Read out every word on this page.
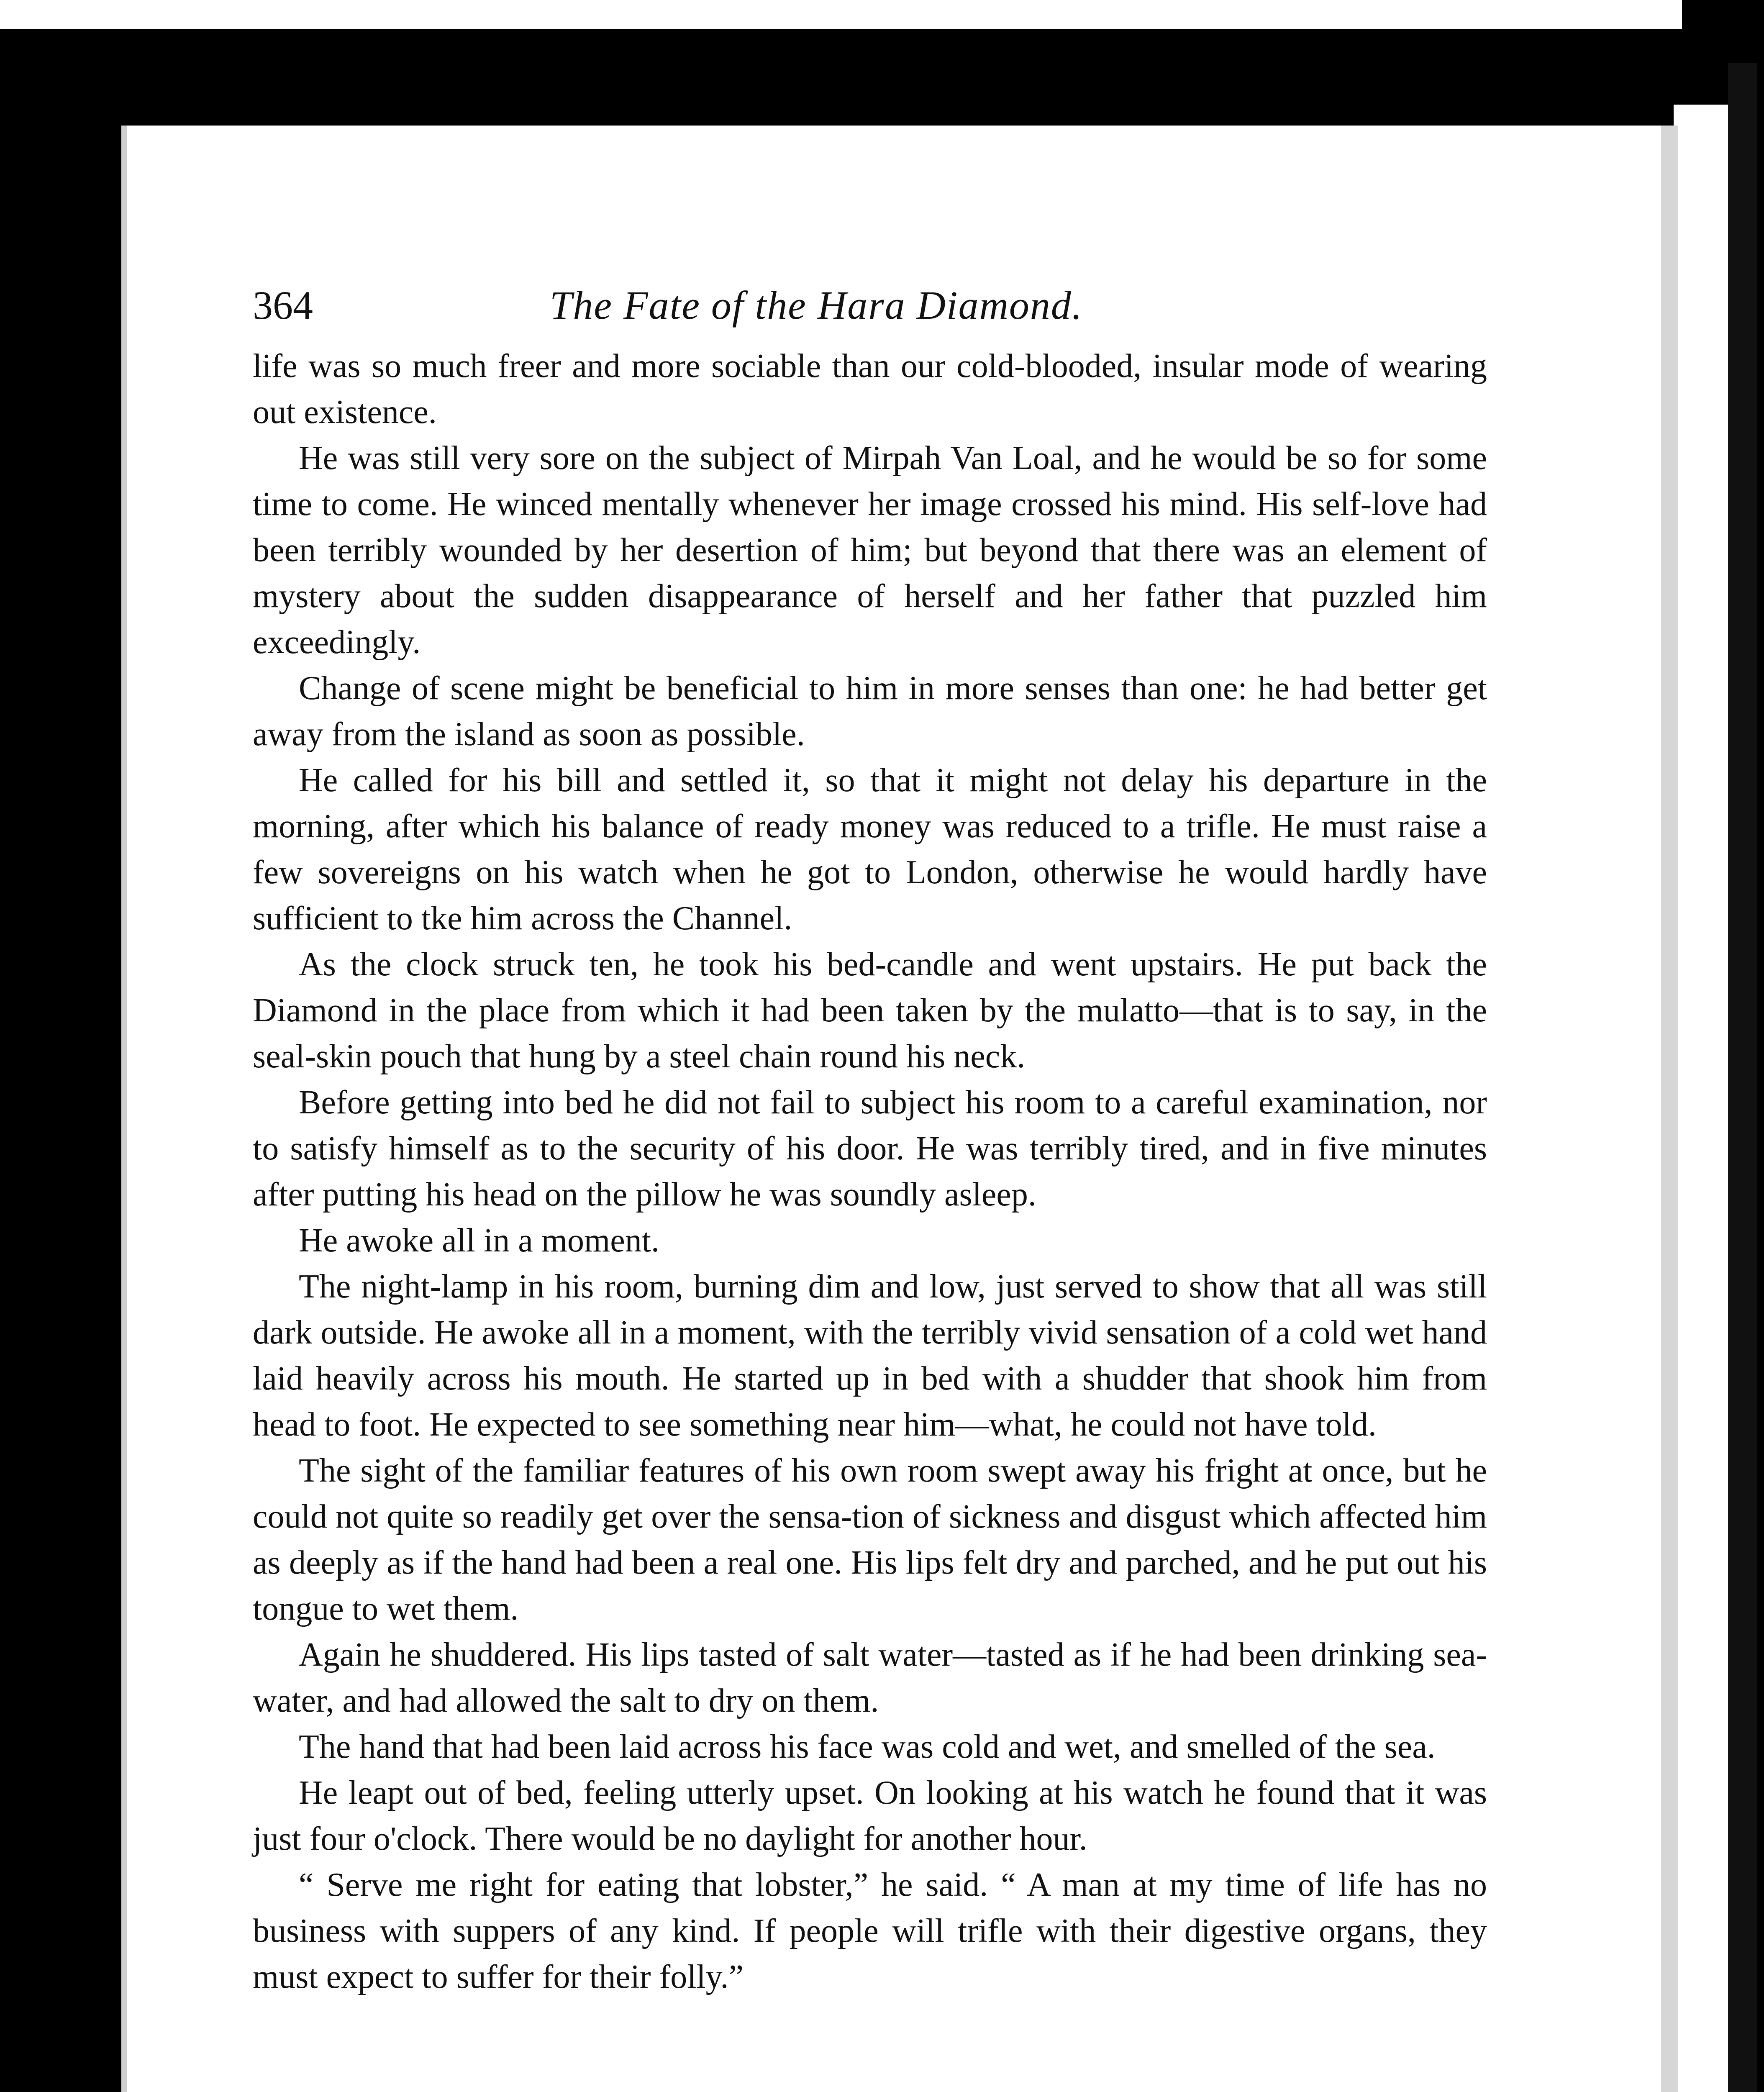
364	The Fate of the Hara Diamond.

life was so much freer and more sociable than our cold-blooded, insular mode of wearing out existence.

He was still very sore on the subject of Mirpah Van Loal, and he would be so for some time to come. He winced mentally whenever her image crossed his mind. His self-love had been terribly wounded by her desertion of him; but beyond that there was an element of mystery about the sudden disappearance of herself and her father that puzzled him exceedingly.

Change of scene might be beneficial to him in more senses than one: he had better get away from the island as soon as possible.

He called for his bill and settled it, so that it might not delay his departure in the morning, after which his balance of ready money was reduced to a trifle. He must raise a few sovereigns on his watch when he got to London, otherwise he would hardly have sufficient to tke him across the Channel.

As the clock struck ten, he took his bed-candle and went upstairs. He put back the Diamond in the place from which it had been taken by the mulatto—that is to say, in the seal-skin pouch that hung by a steel chain round his neck.

Before getting into bed he did not fail to subject his room to a careful examination, nor to satisfy himself as to the security of his door. He was terribly tired, and in five minutes after putting his head on the pillow he was soundly asleep.

He awoke all in a moment.

The night-lamp in his room, burning dim and low, just served to show that all was still dark outside. He awoke all in a moment, with the terribly vivid sensation of a cold wet hand laid heavily across his mouth. He started up in bed with a shudder that shook him from head to foot. He expected to see something near him—what, he could not have told.

The sight of the familiar features of his own room swept away his fright at once, but he could not quite so readily get over the sensa-tion of sickness and disgust which affected him as deeply as if the hand had been a real one. His lips felt dry and parched, and he put out his tongue to wet them.

Again he shuddered. His lips tasted of salt water—tasted as if he had been drinking sea-water, and had allowed the salt to dry on them.

The hand that had been laid across his face was cold and wet, and smelled of the sea.

He leapt out of bed, feeling utterly upset. On looking at his watch he found that it was just four o'clock. There would be no daylight for another hour.

“ Serve me right for eating that lobster,” he said. “ A man at my time of life has no business with suppers of any kind. If people will trifle with their digestive organs, they must expect to suffer for their folly.”
